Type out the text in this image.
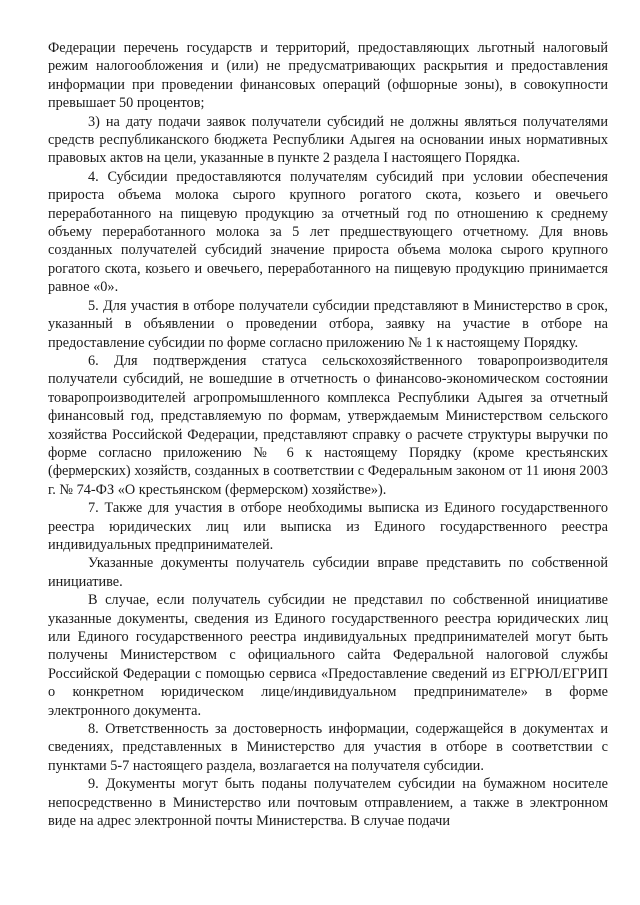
Федерации перечень государств и территорий, предоставляющих льготный налоговый режим налогообложения и (или) не предусматривающих раскрытия и предоставления информации при проведении финансовых операций (офшорные зоны), в совокупности превышает 50 процентов;

3) на дату подачи заявок получатели субсидий не должны являться получателями средств республиканского бюджета Республики Адыгея на основании иных нормативных правовых актов на цели, указанные в пункте 2 раздела I настоящего Порядка.

4. Субсидии предоставляются получателям субсидий при условии обеспечения прироста объема молока сырого крупного рогатого скота, козьего и овечьего переработанного на пищевую продукцию за отчетный год по отношению к среднему объему переработанного молока за 5 лет предшествующего отчетному. Для вновь созданных получателей субсидий значение прироста объема молока сырого крупного рогатого скота, козьего и овечьего, переработанного на пищевую продукцию принимается равное «0».

5. Для участия в отборе получатели субсидии представляют в Министерство в срок, указанный в объявлении о проведении отбора, заявку на участие в отборе на предоставление субсидии по форме согласно приложению № 1 к настоящему Порядку.

6. Для подтверждения статуса сельскохозяйственного товаропроизводителя получатели субсидий, не вошедшие в отчетность о финансово-экономическом состоянии товаропроизводителей агропромышленного комплекса Республики Адыгея за отчетный финансовый год, представляемую по формам, утверждаемым Министерством сельского хозяйства Российской Федерации, представляют справку о расчете структуры выручки по форме согласно приложению № 6 к настоящему Порядку (кроме крестьянских (фермерских) хозяйств, созданных в соответствии с Федеральным законом от 11 июня 2003 г. № 74-ФЗ «О крестьянском (фермерском) хозяйстве»).

7. Также для участия в отборе необходимы выписка из Единого государственного реестра юридических лиц или выписка из Единого государственного реестра индивидуальных предпринимателей.

Указанные документы получатель субсидии вправе представить по собственной инициативе.

В случае, если получатель субсидии не представил по собственной инициативе указанные документы, сведения из Единого государственного реестра юридических лиц или Единого государственного реестра индивидуальных предпринимателей могут быть получены Министерством с официального сайта Федеральной налоговой службы Российской Федерации с помощью сервиса «Предоставление сведений из ЕГРЮЛ/ЕГРИП о конкретном юридическом лице/индивидуальном предпринимателе» в форме электронного документа.

8. Ответственность за достоверность информации, содержащейся в документах и сведениях, представленных в Министерство для участия в отборе в соответствии с пунктами 5-7 настоящего раздела, возлагается на получателя субсидии.

9. Документы могут быть поданы получателем субсидии на бумажном носителе непосредственно в Министерство или почтовым отправлением, а также в электронном виде на адрес электронной почты Министерства. В случае подачи
